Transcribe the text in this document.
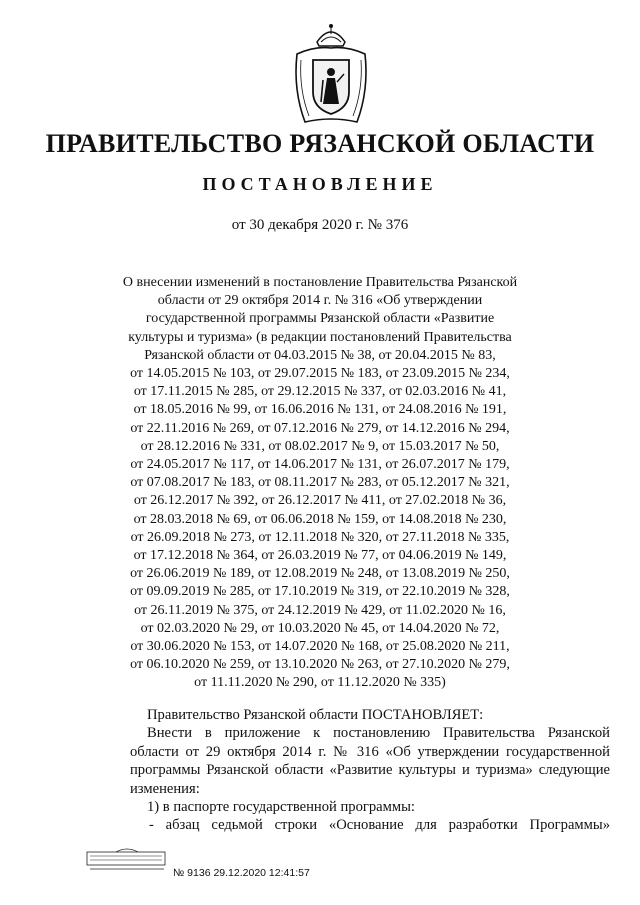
ПРАВИТЕЛЬСТВО РЯЗАНСКОЙ ОБЛАСТИ
ПОСТАНОВЛЕНИЕ
от 30 декабря 2020 г. № 376
О внесении изменений в постановление Правительства Рязанской
области от 29 октября 2014 г. № 316 «Об утверждении
государственной программы Рязанской области «Развитие
культуры и туризма» (в редакции постановлений Правительства
Рязанской области от 04.03.2015 № 38, от 20.04.2015 № 83,
от 14.05.2015 № 103, от 29.07.2015 № 183, от 23.09.2015 № 234,
от 17.11.2015 № 285, от 29.12.2015 № 337, от 02.03.2016 № 41,
от 18.05.2016 № 99, от 16.06.2016 № 131, от 24.08.2016 № 191,
от 22.11.2016 № 269, от 07.12.2016 № 279, от 14.12.2016 № 294,
от 28.12.2016 № 331, от 08.02.2017 № 9, от 15.03.2017 № 50,
от 24.05.2017 № 117, от 14.06.2017 № 131, от 26.07.2017 № 179,
от 07.08.2017 № 183, от 08.11.2017 № 283, от 05.12.2017 № 321,
от 26.12.2017 № 392, от 26.12.2017 № 411, от 27.02.2018 № 36,
от 28.03.2018 № 69, от 06.06.2018 № 159, от 14.08.2018 № 230,
от 26.09.2018 № 273, от 12.11.2018 № 320, от 27.11.2018 № 335,
от 17.12.2018 № 364, от 26.03.2019 № 77, от 04.06.2019 № 149,
от 26.06.2019 № 189, от 12.08.2019 № 248, от 13.08.2019 № 250,
от 09.09.2019 № 285, от 17.10.2019 № 319, от 22.10.2019 № 328,
от 26.11.2019 № 375, от 24.12.2019 № 429, от 11.02.2020 № 16,
от 02.03.2020 № 29, от 10.03.2020 № 45, от 14.04.2020 № 72,
от 30.06.2020 № 153, от 14.07.2020 № 168, от 25.08.2020 № 211,
от 06.10.2020 № 259, от 13.10.2020 № 263, от 27.10.2020 № 279,
от 11.11.2020 № 290, от 11.12.2020 № 335)
Правительство Рязанской области ПОСТАНОВЛЯЕТ:
Внести в приложение к постановлению Правительства Рязанской
области от 29 октября 2014 г. № 316 «Об утверждении государственной
программы Рязанской области «Развитие культуры и туризма» следующие
изменения:
1) в паспорте государственной программы:
- абзац седьмой строки «Основание для разработки Программы»
№ 9136 29.12.2020 12:41:57
